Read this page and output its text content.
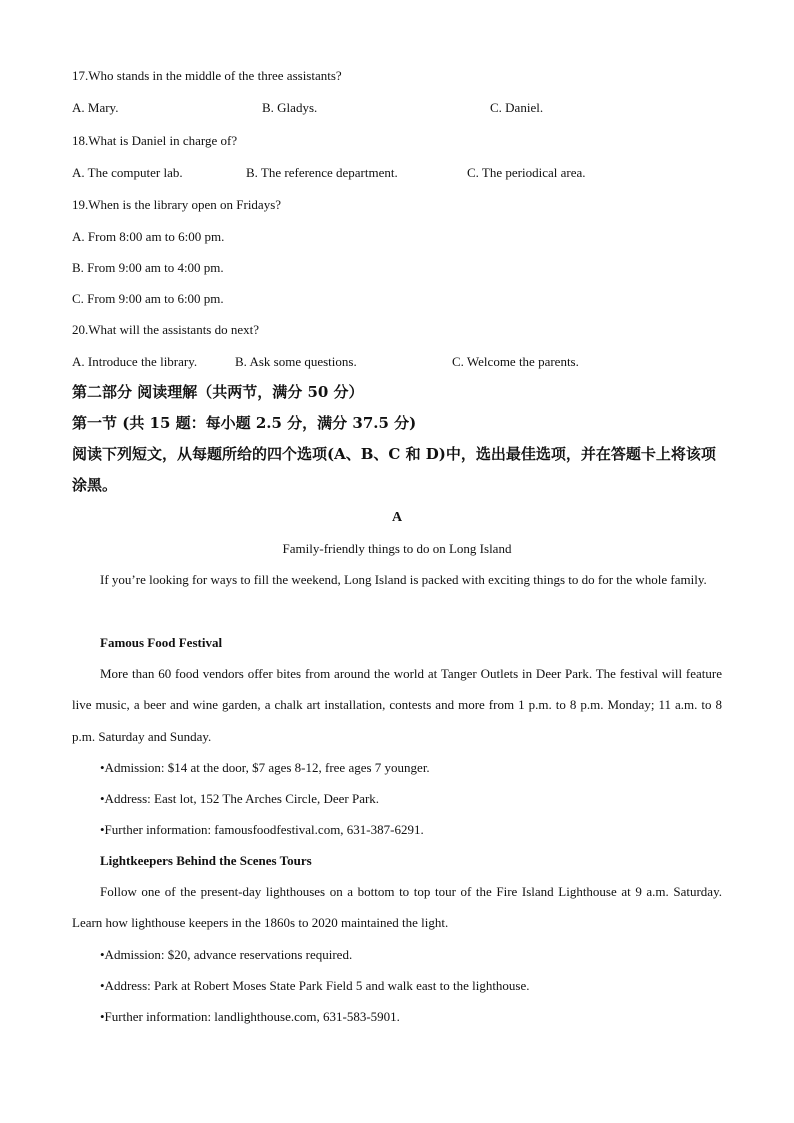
17.Who stands in the middle of the three assistants?
A. Mary.	B. Gladys.	C. Daniel.
18.What is Daniel in charge of?
A. The computer lab.	B. The reference department.	C. The periodical area.
19.When is the library open on Fridays?
A. From 8:00 am to 6:00 pm.
B. From 9:00 am to 4:00 pm.
C. From 9:00 am to 6:00 pm.
20.What will the assistants do next?
A. Introduce the library.	B. Ask some questions.	C. Welcome the parents.
第二部分 阅读理解（共两节，满分 50 分）
第一节 (共 15 题：每小题 2.5 分，满分 37.5 分)
阅读下列短文，从每题所给的四个选项(A、B、C 和 D)中，选出最佳选项，并在答题卡上将该项涂黑。
A
Family-friendly things to do on Long Island
If you’re looking for ways to fill the weekend, Long Island is packed with exciting things to do for the whole family.
Famous Food Festival
More than 60 food vendors offer bites from around the world at Tanger Outlets in Deer Park. The festival will feature live music, a beer and wine garden, a chalk art installation, contests and more from 1 p.m. to 8 p.m. Monday; 11 a.m. to 8 p.m. Saturday and Sunday.
•Admission: $14 at the door, $7 ages 8-12, free ages 7 younger.
•Address: East lot, 152 The Arches Circle, Deer Park.
•Further information: famousfoodfestival.com, 631-387-6291.
Lightkeepers Behind the Scenes Tours
Follow one of the present-day lighthouses on a bottom to top tour of the Fire Island Lighthouse at 9 a.m. Saturday. Learn how lighthouse keepers in the 1860s to 2020 maintained the light.
•Admission: $20, advance reservations required.
•Address: Park at Robert Moses State Park Field 5 and walk east to the lighthouse.
•Further information: landlighthouse.com, 631-583-5901.
